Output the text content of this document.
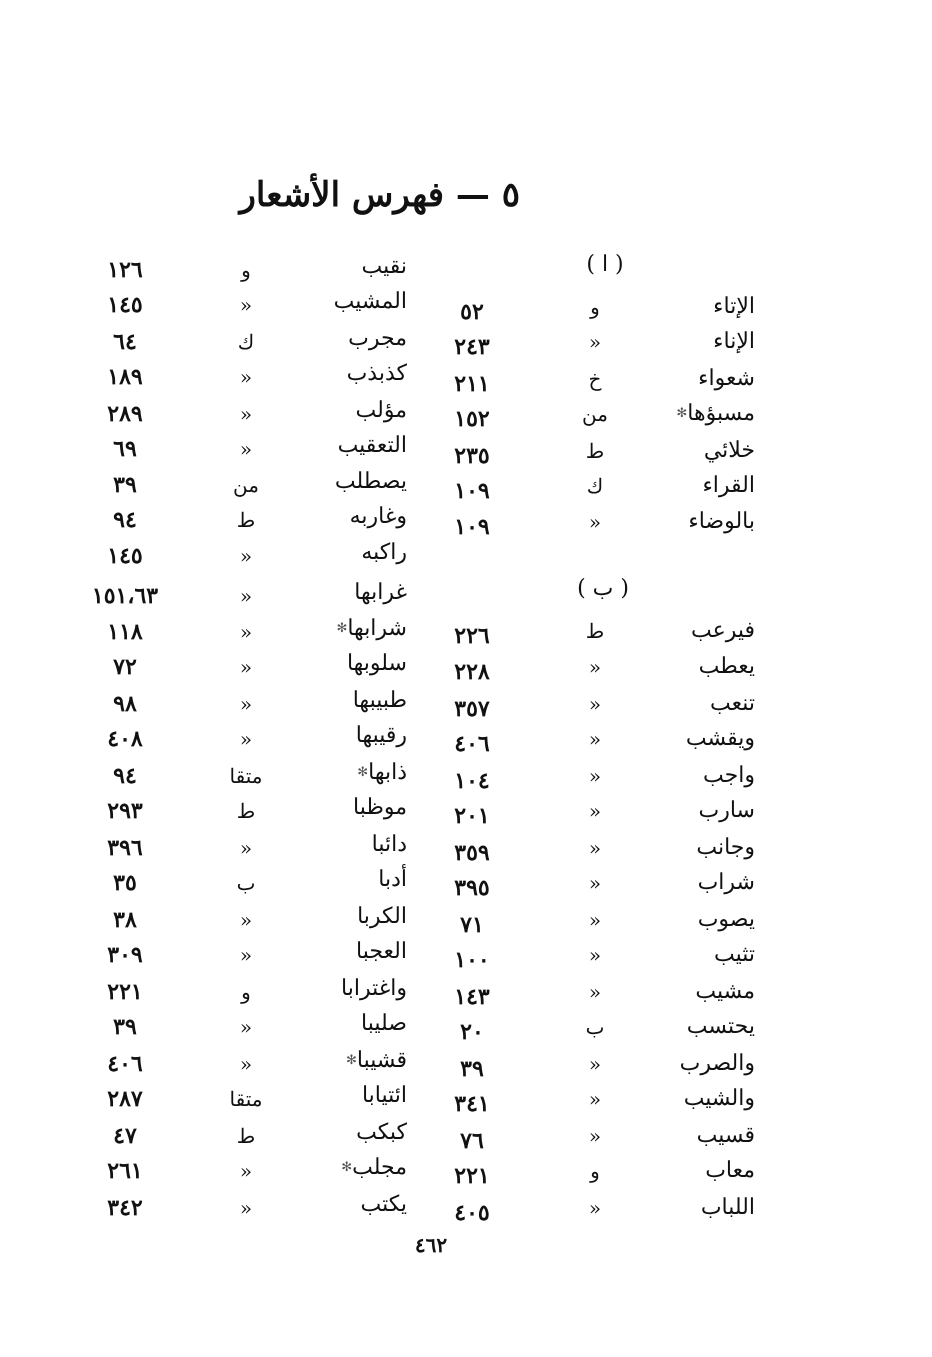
٥ — فهرس الأشعار
( ا )
الإتاء
و
٥٢
الإناء
»
٢٤٣
شعواء
خ
٢١١
مسبؤها✻
من
١٥٢
خلائي
ط
٢٣٥
القراء
ك
١٠٩
بالوضاء
»
١٠٩
فيرعب
ط
٢٢٦
يعطب
»
٢٢٨
تنعب
»
٣٥٧
ويقشب
»
٤٠٦
واجب
»
١٠٤
سارب
»
٢٠١
وجانب
»
٣٥٩
شراب
»
٣٩٥
يصوب
»
٧١
تثيب
»
١٠٠
مشيب
»
١٤٣
يحتسب
ب
٢٠
والصرب
»
٣٩
والشيب
»
٣٤١
قسيب
»
٧٦
معاب
و
٢٢١
اللباب
»
٤٠٥
( ب )
نقيب
و
١٢٦
المشيب
»
١٤٥
مجرب
ك
٦٤
كذبذب
»
١٨٩
مؤلب
»
٢٨٩
التعقيب
»
٦٩
يصطلب
من
٣٩
وغاربه
ط
٩٤
راكبه
»
١٤٥
غرابها
»
١٥١،٦٣
شرابها✻
»
١١٨
سلوبها
»
٧٢
طبيبها
»
٩٨
رقيبها
»
٤٠٨
ذابها✻
متقا
٩٤
موظبا
ط
٢٩٣
دائبا
»
٣٩٦
أدبا
ب
٣٥
الكربا
»
٣٨
العجبا
»
٣٠٩
واغترابا
و
٢٢١
صليبا
»
٣٩
قشيبا✻
»
٤٠٦
ائتيابا
متقا
٢٨٧
كبكب
ط
٤٧
مجلب✻
»
٢٦١
يكتب
»
٣٤٢
٤٦٢
